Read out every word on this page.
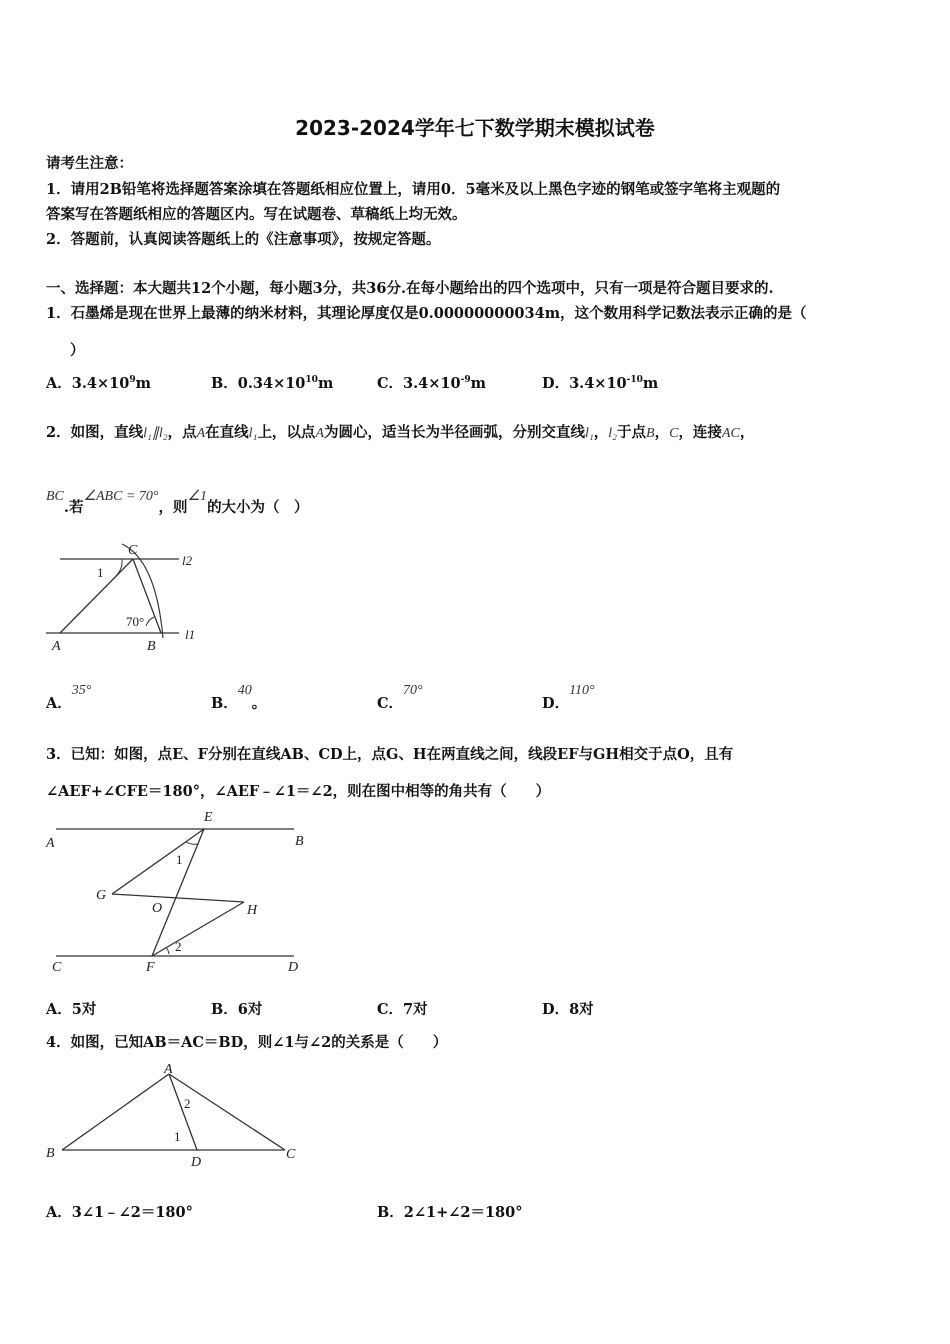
2023-2024学年七下数学期末模拟试卷
请考生注意：
1．请用2B铅笔将选择题答案涂填在答题纸相应位置上，请用0．5毫米及以上黑色字迹的钢笔或签字笔将主观题的
答案写在答题纸相应的答题区内。写在试题卷、草稿纸上均无效。
2．答题前，认真阅读答题纸上的《注意事项》，按规定答题。
一、选择题：本大题共12个小题，每小题3分，共36分.在每小题给出的四个选项中，只有一项是符合题目要求的.
1．石墨烯是现在世界上最薄的纳米材料，其理论厚度仅是0.00000000034m，这个数用科学记数法表示正确的是（
）
A．$3.4\times 10^9m$	B．$0.34\times 10^{10}m$	C．$3.4\times 10^{-9}m$	D．$3.4\times 10^{-10}m$
2．如图，直线l₁∥l₂，点A在直线l₁上，以点A为圆心，适当长为半径画弧，分别交直线l₁，l₂于点B，C，连接AC，
BC.若∠ABC = 70°，则∠1的大小为（　）
C
l2
1
70°
A	B
l1
A．35°
B．40。	C．70°
D．110°
3．已知：如图，点E、F分别在直线AB、CD上，点G、H在两直线之间，线段EF与GH相交于点O，且有
∠AEF+∠CFE＝180°，∠AEF﹣∠1＝∠2，则在图中相等的角共有（　　）
E
A	B
1
G
O	H
2
C	F	D
A．5对	B．6对	C．7对	D．8对
4．如图，已知AB＝AC＝BD，则∠1与∠2的关系是（　　）
A
2
1
B
D
C
A．3∠1﹣∠2＝180°	B．2∠1+∠2＝180°
